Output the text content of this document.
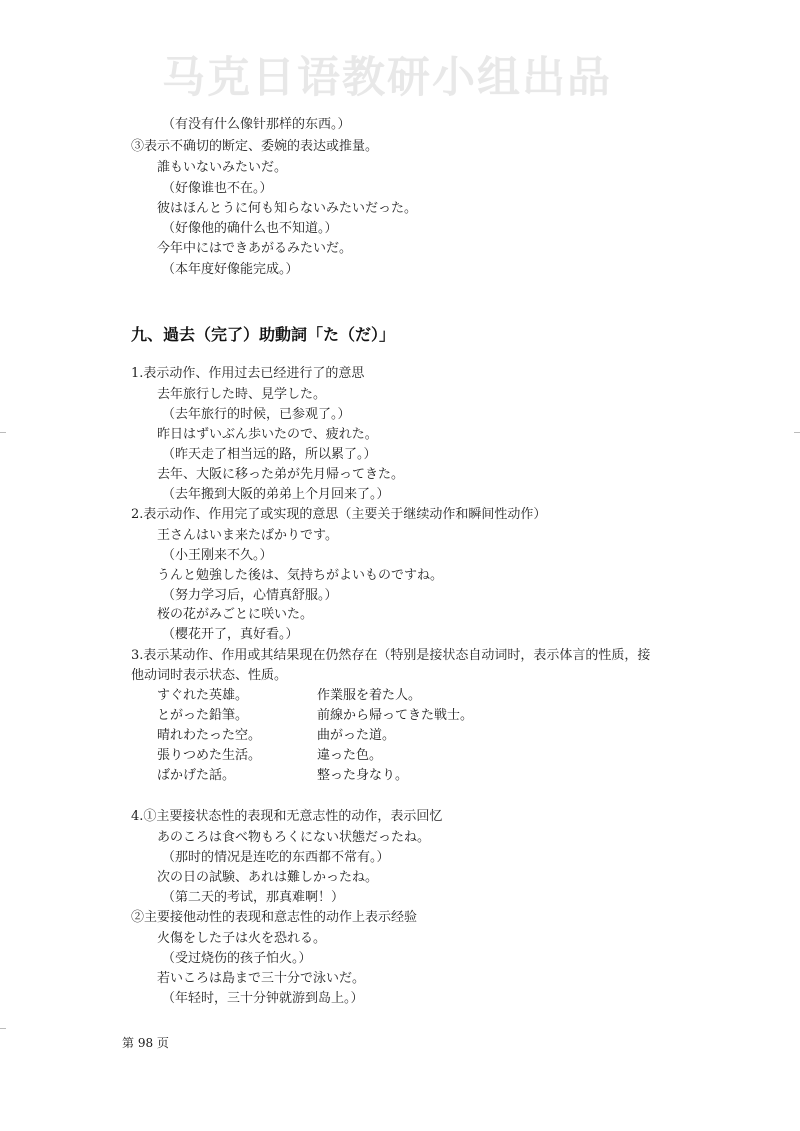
马克日语教研小组出品
（有没有什么像针那样的东西。）
③表示不确切的断定、委婉的表达或推量。
誰もいないみたいだ。
（好像谁也不在。）
彼はほんとうに何も知らないみたいだった。
（好像他的确什么也不知道。）
今年中にはできあがるみたいだ。
（本年度好像能完成。）
九、過去（完了）助動詞「た（だ）」
1.表示动作、作用过去已经进行了的意思
去年旅行した時、見学した。
（去年旅行的时候，已参观了。）
昨日はずいぶん歩いたので、疲れた。
（昨天走了相当远的路，所以累了。）
去年、大阪に移った弟が先月帰ってきた。
（去年搬到大阪的弟弟上个月回来了。）
2.表示动作、作用完了或实现的意思（主要关于继续动作和瞬间性动作）
王さんはいま来たばかりです。
（小王刚来不久。）
うんと勉強した後は、気持ちがよいものですね。
（努力学习后，心情真舒服。）
桜の花がみごとに咲いた。
（樱花开了，真好看。）
3.表示某动作、作用或其结果现在仍然存在（特别是接状态自动词时，表示体言的性质，接
他动词时表示状态、性质。
すぐれた英雄。	作業服を着た人。
とがった鉛筆。	前線から帰ってきた戦士。
晴れわたった空。	曲がった道。
張りつめた生活。	違った色。
ばかげた話。	整った身なり。
4.①主要接状态性的表现和无意志性的动作，表示回忆
あのころは食べ物もろくにない状態だったね。
（那时的情况是连吃的东西都不常有。）
次の日の試験、あれは難しかったね。
（第二天的考试，那真难啊！）
②主要接他动性的表现和意志性的动作上表示经验
火傷をした子は火を恐れる。
（受过烧伤的孩子怕火。）
若いころは島まで三十分で泳いだ。
（年轻时，三十分钟就游到岛上。）
第 98 页
